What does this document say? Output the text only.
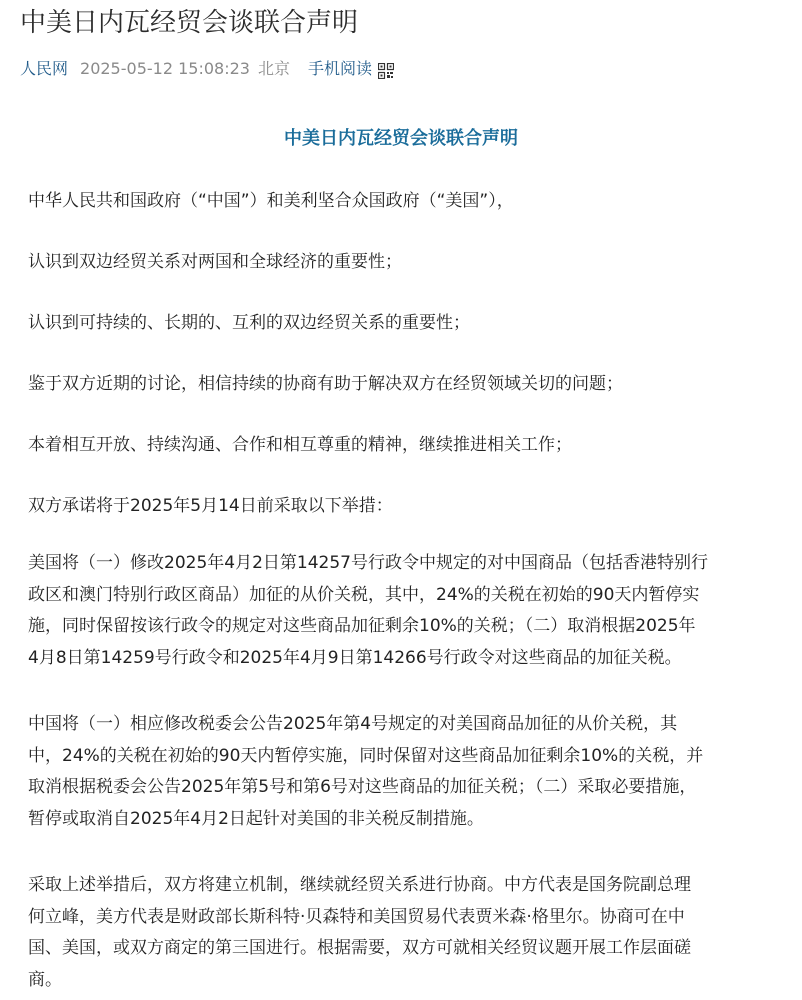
中美日内瓦经贸会谈联合声明
人民网 2025-05-12 15:08:23 北京 手机阅读
中美日内瓦经贸会谈联合声明

中华人民共和国政府（“中国”）和美利坚合众国政府（“美国”），

认识到双边经贸关系对两国和全球经济的重要性；

认识到可持续的、长期的、互利的双边经贸关系的重要性；

鉴于双方近期的讨论，相信持续的协商有助于解决双方在经贸领域关切的问题；

本着相互开放、持续沟通、合作和相互尊重的精神，继续推进相关工作；

双方承诺将于2025年5月14日前采取以下举措：

美国将（一）修改2025年4月2日第14257号行政令中规定的对中国商品（包括香港特别行
政区和澳门特别行政区商品）加征的从价关税，其中，24%的关税在初始的90天内暂停实
施，同时保留按该行政令的规定对这些商品加征剩余10%的关税；（二）取消根据2025年
4月8日第14259号行政令和2025年4月9日第14266号行政令对这些商品的加征关税。

中国将（一）相应修改税委会公告2025年第4号规定的对美国商品加征的从价关税，其
中，24%的关税在初始的90天内暂停实施，同时保留对这些商品加征剩余10%的关税，并
取消根据税委会公告2025年第5号和第6号对这些商品的加征关税；（二）采取必要措施，
暂停或取消自2025年4月2日起针对美国的非关税反制措施。

采取上述举措后，双方将建立机制，继续就经贸关系进行协商。中方代表是国务院副总理
何立峰，美方代表是财政部长斯科特·贝森特和美国贸易代表贾米森·格里尔。协商可在中
国、美国，或双方商定的第三国进行。根据需要，双方可就相关经贸议题开展工作层面磋
商。
